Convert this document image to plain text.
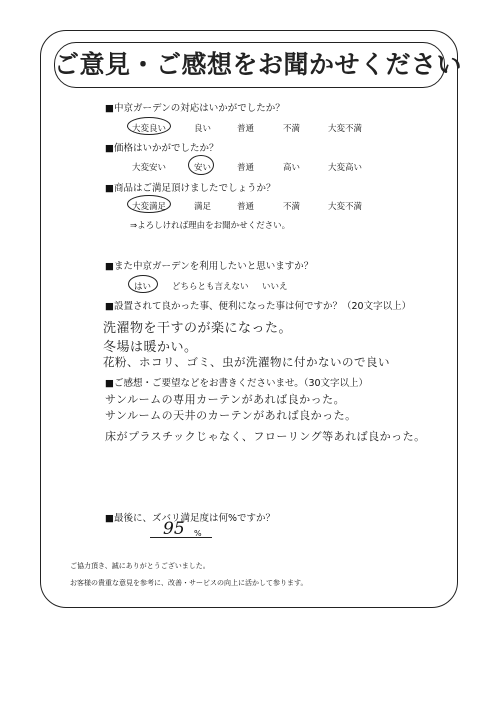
ご意見・ご感想をお聞かせください
■中京ガーデンの対応はいかがでしたか？
大変良い	良い	普通	不満	大変不満
■価格はいかがでしたか？
大変安い	安い	普通	高い	大変高い
■商品はご満足頂けましたでしょうか？
大変満足	満足	普通	不満	大変不満
⇒よろしければ理由をお聞かせください。
■また中京ガーデンを利用したいと思いますか？
はい どちらとも言えない いいえ
■設置されて良かった事、便利になった事は何ですか？（20文字以上）
洗濯物を干すのが楽になった。
冬場は暖かい。
花粉、ホコリ、ゴミ、虫が洗濯物に付かないので良い
■ご感想・ご要望などをお書きくださいませ。（30文字以上）
サンルームの専用カーテンがあれば良かった。
サンルームの天井のカーテンがあれば良かった。
床がプラスチックじゃなく、フローリング等あれば良かった。
■最後に、ズバリ満足度は何%ですか？
95 %
ご協力頂き、誠にありがとうございました。
お客様の貴重な意見を参考に、改善・サービスの向上に活かして参ります。
